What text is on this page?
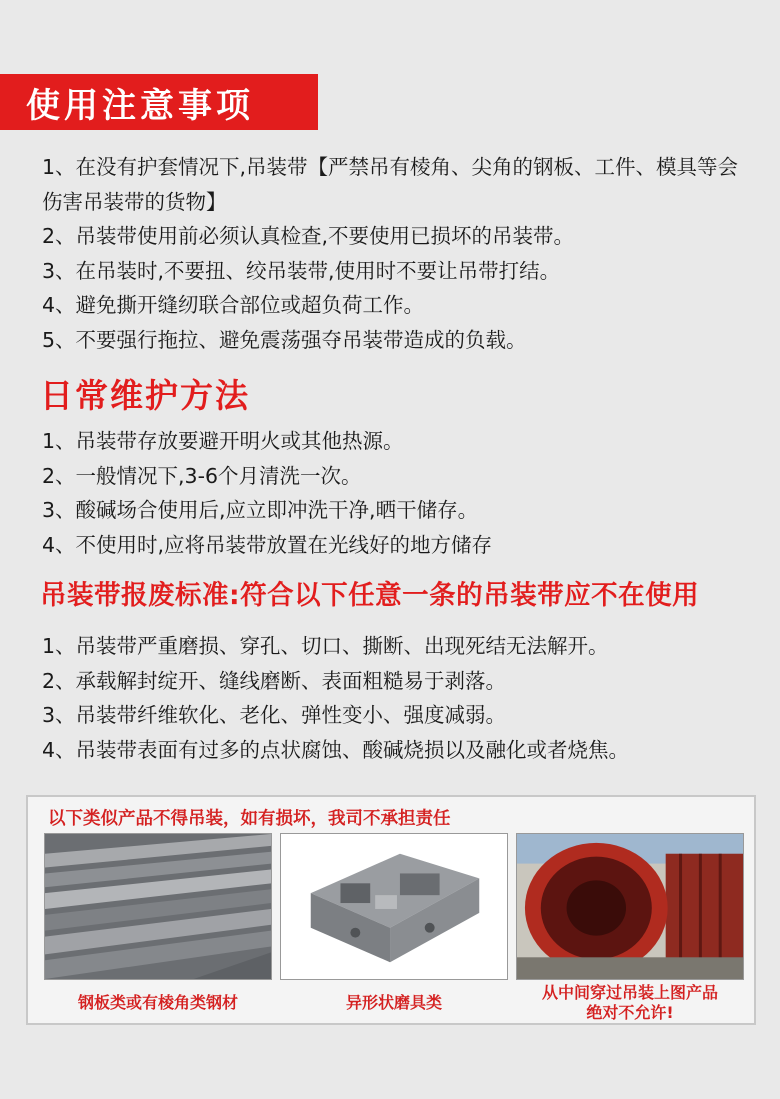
使用注意事项
1、在没有护套情况下,吊装带【严禁吊有棱角、尖角的钢板、工件、模具等会伤害吊装带的货物】
2、吊装带使用前必须认真检查,不要使用已损坏的吊装带。
3、在吊装时,不要扭、绞吊装带,使用时不要让吊带打结。
4、避免撕开缝纫联合部位或超负荷工作。
5、不要强行拖拉、避免震荡强夺吊装带造成的负载。
日常维护方法
1、吊装带存放要避开明火或其他热源。
2、一般情况下,3-6个月清洗一次。
3、酸碱场合使用后,应立即冲洗干净,晒干储存。
4、不使用时,应将吊装带放置在光线好的地方储存
吊装带报废标准:符合以下任意一条的吊装带应不在使用
1、吊装带严重磨损、穿孔、切口、撕断、出现死结无法解开。
2、承载解封绽开、缝线磨断、表面粗糙易于剥落。
3、吊装带纤维软化、老化、弹性变小、强度减弱。
4、吊装带表面有过多的点状腐蚀、酸碱烧损以及融化或者烧焦。
以下类似产品不得吊装，如有损坏，我司不承担责任
钢板类或有棱角类钢材	异形状磨具类
从中间穿过吊装上图产品
绝对不允许!
